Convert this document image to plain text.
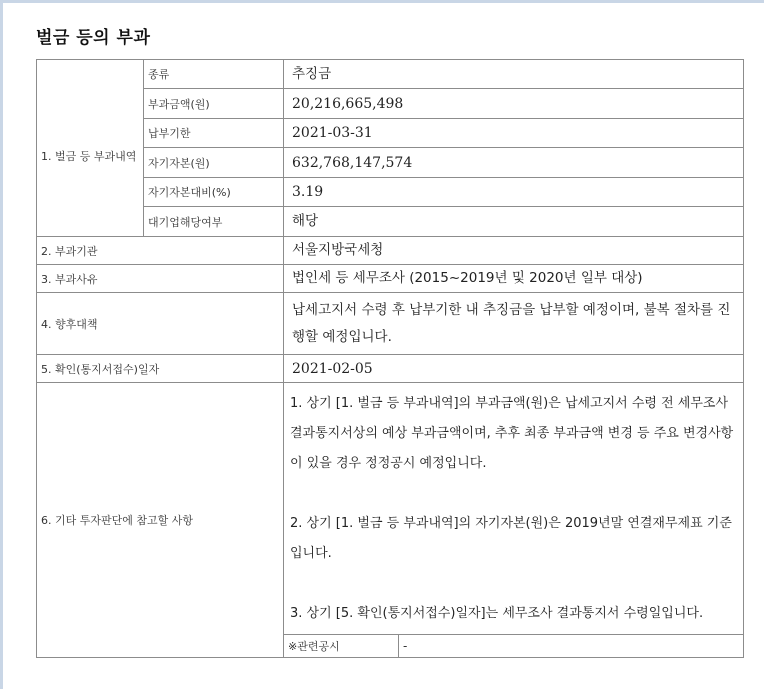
벌금 등의 부과
1. 벌금 등 부과내역	종류	추징금	
	부과금액(원)	20,216,665,498	
	납부기한	2021-03-31	
	자기자본(원)	632,768,147,574	
	자기자본대비(%)	3.19	
	대기업해당여부	해당	
2. 부과기관		서울지방국세청	
3. 부과사유		법인세 등 세무조사 (2015~2019년 및 2020년 일부 대상)	
4. 향후대책		납세고지서 수령 후 납부기한 내 추징금을 납부할 예정이며, 불복 절차를 진행할 예정입니다.	
5. 확인(통지서접수)일자		2021-02-05	
6. 기타 투자판단에 참고할 사항		1. 상기 [1. 벌금 등 부과내역]의 부과금액(원)은 납세고지서 수령 전 세무조사 결과통지서상의 예상 부과금액이며, 추후 최종 부과금액 변경 등 주요 변경사항이 있을 경우 정정공시 예정입니다.

2. 상기 [1. 벌금 등 부과내역]의 자기자본(원)은 2019년말 연결재무제표 기준입니다.

3. 상기 [5. 확인(통지서접수)일자]는 세무조사 결과통지서 수령일입니다.	

		※관련공시	-
